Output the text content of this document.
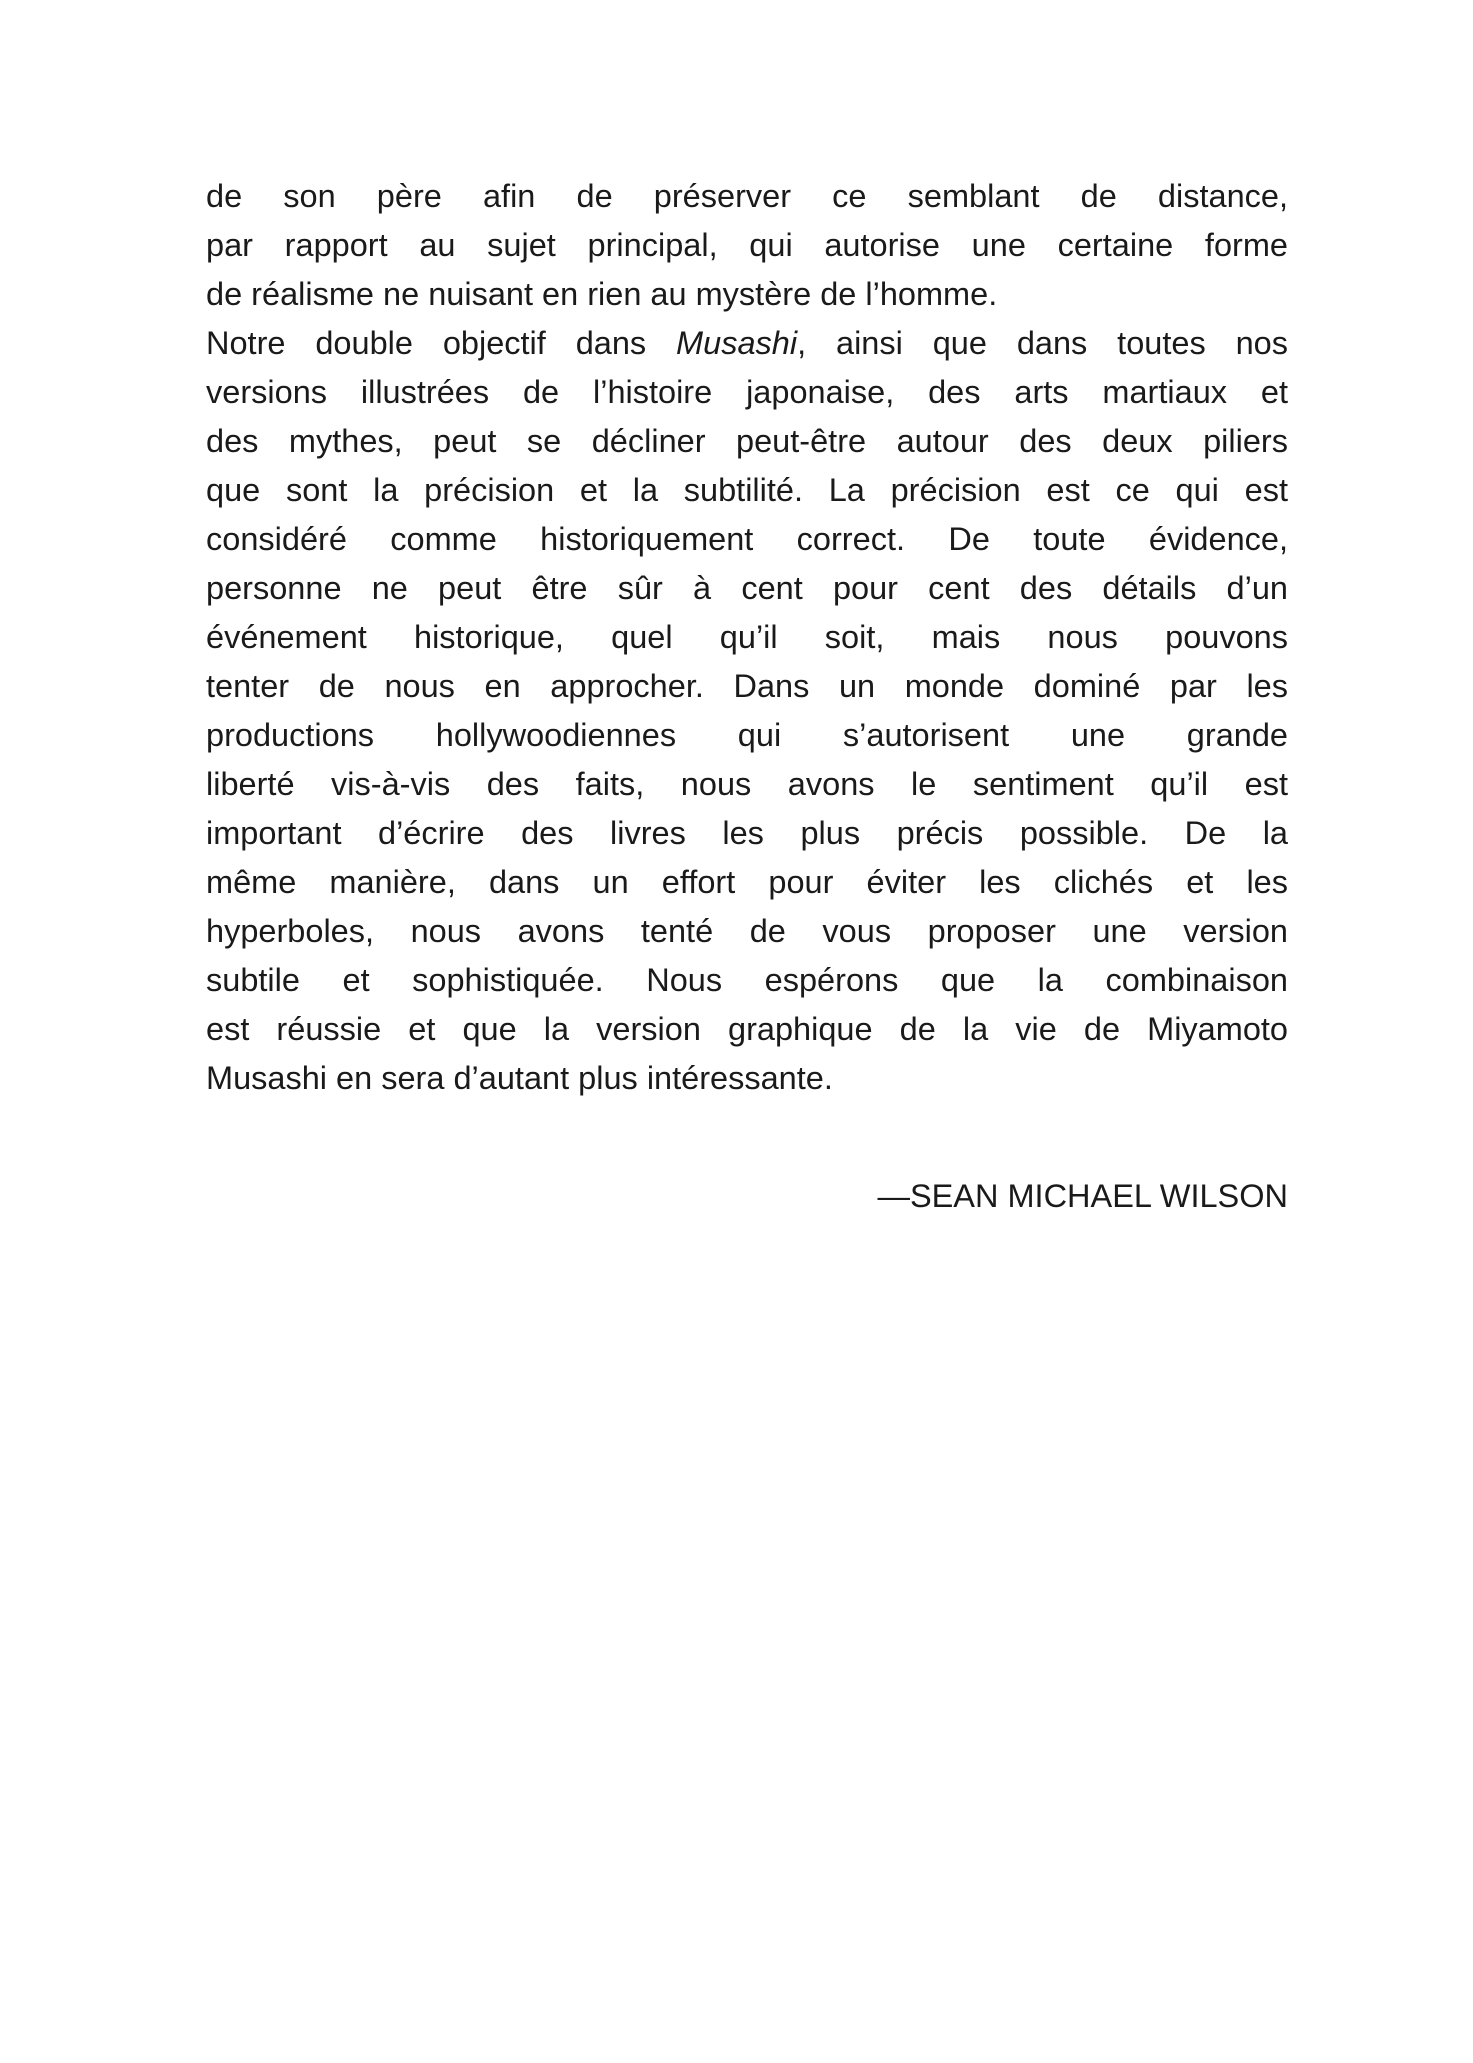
de son père afin de préserver ce semblant de distance,
par rapport au sujet principal, qui autorise une certaine forme
de réalisme ne nuisant en rien au mystère de l’homme.
Notre double objectif dans Musashi, ainsi que dans toutes nos
versions illustrées de l’histoire japonaise, des arts martiaux et
des mythes, peut se décliner peut-être autour des deux piliers
que sont la précision et la subtilité. La précision est ce qui est
considéré comme historiquement correct. De toute évidence,
personne ne peut être sûr à cent pour cent des détails d’un
événement historique, quel qu’il soit, mais nous pouvons
tenter de nous en approcher. Dans un monde dominé par les
productions hollywoodiennes qui s’autorisent une grande
liberté vis-à-vis des faits, nous avons le sentiment qu’il est
important d’écrire des livres les plus précis possible. De la
même manière, dans un effort pour éviter les clichés et les
hyperboles, nous avons tenté de vous proposer une version
subtile et sophistiquée. Nous espérons que la combinaison
est réussie et que la version graphique de la vie de Miyamoto
Musashi en sera d’autant plus intéressante.
—SEAN MICHAEL WILSON
